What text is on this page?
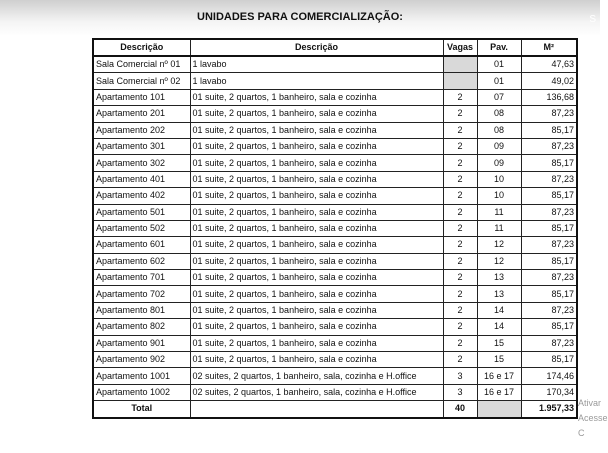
S
UNIDADES PARA COMERCIALIZAÇÃO:
Descrição	Descrição	Vagas	Pav.	M²
Sala Comercial nº 01	1 lavabo		01	47,63
Sala Comercial nº 02	1 lavabo		01	49,02
Apartamento 101	01 suite, 2 quartos, 1 banheiro, sala e cozinha	2	07	136,68
Apartamento 201	01 suite, 2 quartos, 1 banheiro, sala e cozinha	2	08	87,23
Apartamento 202	01 suite, 2 quartos, 1 banheiro, sala e cozinha	2	08	85,17
Apartamento 301	01 suite, 2 quartos, 1 banheiro, sala e cozinha	2	09	87,23
Apartamento 302	01 suite, 2 quartos, 1 banheiro, sala e cozinha	2	09	85,17
Apartamento 401	01 suite, 2 quartos, 1 banheiro, sala e cozinha	2	10	87,23
Apartamento 402	01 suite, 2 quartos, 1 banheiro, sala e cozinha	2	10	85,17
Apartamento 501	01 suite, 2 quartos, 1 banheiro, sala e cozinha	2	11	87,23
Apartamento 502	01 suite, 2 quartos, 1 banheiro, sala e cozinha	2	11	85,17
Apartamento 601	01 suite, 2 quartos, 1 banheiro, sala e cozinha	2	12	87,23
Apartamento 602	01 suite, 2 quartos, 1 banheiro, sala e cozinha	2	12	85,17
Apartamento 701	01 suite, 2 quartos, 1 banheiro, sala e cozinha	2	13	87,23
Apartamento 702	01 suite, 2 quartos, 1 banheiro, sala e cozinha	2	13	85,17
Apartamento 801	01 suite, 2 quartos, 1 banheiro, sala e cozinha	2	14	87,23
Apartamento 802	01 suite, 2 quartos, 1 banheiro, sala e cozinha	2	14	85,17
Apartamento 901	01 suite, 2 quartos, 1 banheiro, sala e cozinha	2	15	87,23
Apartamento 902	01 suite, 2 quartos, 1 banheiro, sala e cozinha	2	15	85,17
Apartamento 1001	02 suites, 2 quartos, 1 banheiro, sala, cozinha e H.office	3	16 e 17	174,46
Apartamento 1002	02 suites, 2 quartos, 1 banheiro, sala, cozinha e H.office	3	16 e 17	170,34
Total		40		1.957,33
Ativar
Acesse C
